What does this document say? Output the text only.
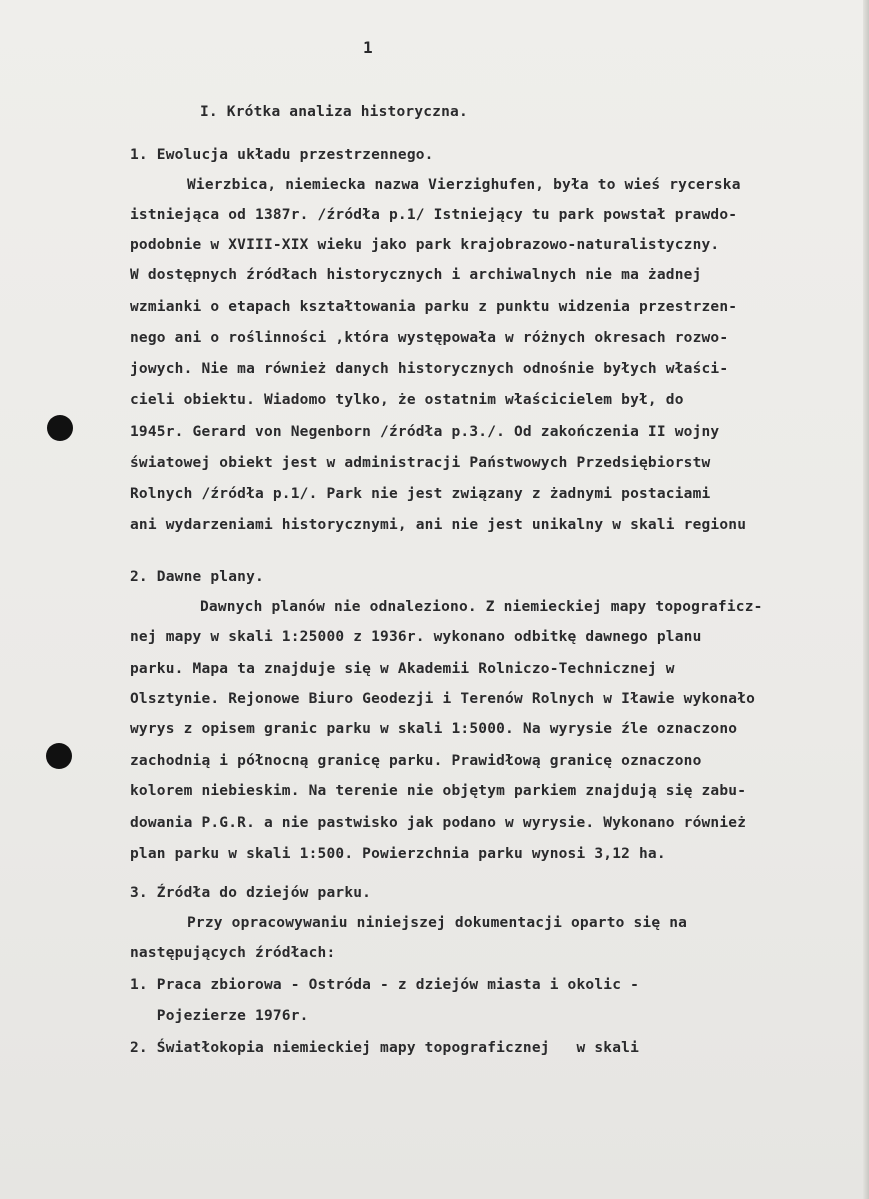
1
I. Krótka analiza historyczna.
1. Ewolucja układu przestrzennego.
Wierzbica, niemiecka nazwa Vierzighufen, była to wieś rycerska
istniejąca od 1387r. /źródła p.1/ Istniejący tu park powstał prawdo-
podobnie w XVIII-XIX wieku jako park krajobrazowo-naturalistyczny.
W dostępnych źródłach historycznych i archiwalnych nie ma żadnej
wzmianki o etapach kształtowania parku z punktu widzenia przestrzen-
nego ani o roślinności ,która występowała w różnych okresach rozwo-
jowych. Nie ma również danych historycznych odnośnie byłych właści-
cieli obiektu. Wiadomo tylko, że ostatnim właścicielem był, do
1945r. Gerard von Negenborn /źródła p.3./. Od zakończenia II wojny
światowej obiekt jest w administracji Państwowych Przedsiębiorstw
Rolnych /źródła p.1/. Park nie jest związany z żadnymi postaciami
ani wydarzeniami historycznymi, ani nie jest unikalny w skali regionu
2. Dawne plany.
Dawnych planów nie odnaleziono. Z niemieckiej mapy topograficz-
nej mapy w skali 1:25000 z 1936r. wykonano odbitkę dawnego planu
parku. Mapa ta znajduje się w Akademii Rolniczo-Technicznej w
Olsztynie. Rejonowe Biuro Geodezji i Terenów Rolnych w Iławie wykonało
wyrys z opisem granic parku w skali 1:5000. Na wyrysie źle oznaczono
zachodnią i północną granicę parku. Prawidłową granicę oznaczono
kolorem niebieskim. Na terenie nie objętym parkiem znajdują się zabu-
dowania P.G.R. a nie pastwisko jak podano w wyrysie. Wykonano również
plan parku w skali 1:500. Powierzchnia parku wynosi 3,12 ha.
3. Źródła do dziejów parku.
Przy opracowywaniu niniejszej dokumentacji oparto się na
następujących źródłach:
1. Praca zbiorowa - Ostróda - z dziejów miasta i okolic -
Pojezierze 1976r.
2. Światłokopia niemieckiej mapy topograficznej   w skali
